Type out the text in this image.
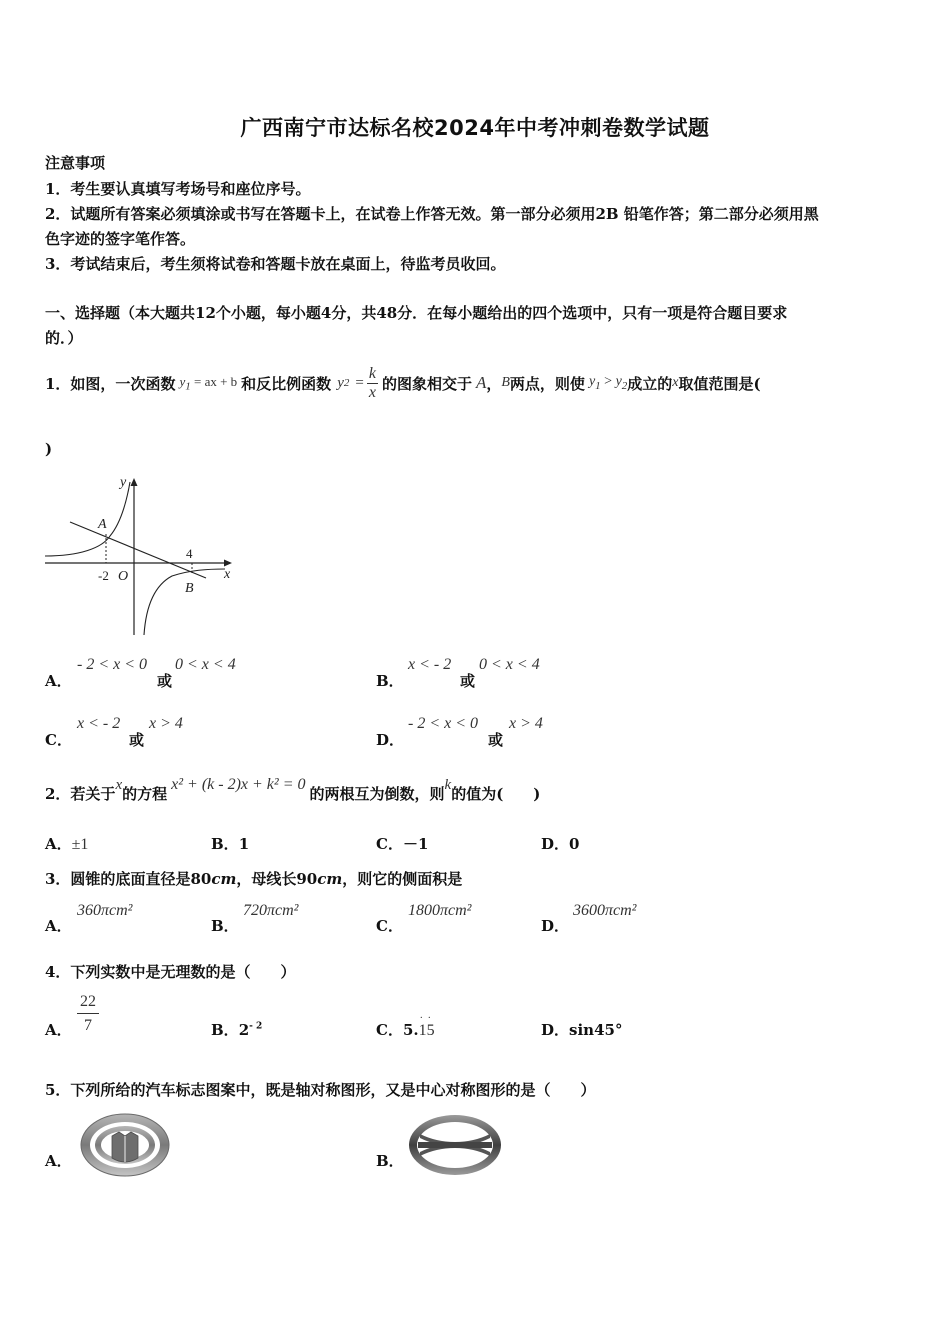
广西南宁市达标名校2024年中考冲刺卷数学试题
注意事项
1．考生要认真填写考场号和座位序号。
2．试题所有答案必须填涂或书写在答题卡上，在试卷上作答无效。第一部分必须用2B 铅笔作答；第二部分必须用黑
色字迹的签字笔作答。
3．考试结束后，考生须将试卷和答题卡放在桌面上，待监考员收回。
一、选择题（本大题共12个小题，每小题4分，共48分．在每小题给出的四个选项中，只有一项是符合题目要求
的．）
1．如图，一次函数 $y_1$ = ax + b 和反比例函数 y $2 = \frac{k}{x}$ 的图象相交于 A ， B 两点，则使 $y_1 > y_2$ 成立的 x 取值范围是(
)
y
x
A
B
-2 O
4
A．
- 2 < x < 0
或
0 < x < 4
B．
x < - 2
或
0 < x < 4
C．
x < - 2
或
x > 4
D．
- 2 < x < 0
或
x > 4
2．若关于 x 的方程 x² + (k - 2)x + k² = 0 的两根互为倒数，则 k 的值为(　　)
A．±1	B．1	C．－1	D．0
3．圆锥的底面直径是80cm，母线长90cm，则它的侧面积是
A．
360πcm²
B．
720πcm²
C．
1800πcm²
D．
3600πcm²
4．下列实数中是无理数的是（　　）
A． $\frac{22}{7}$	B．$2^{- 2}$	C．5.
· ·
15	D．sin45°
5．下列所给的汽车标志图案中，既是轴对称图形，又是中心对称图形的是（　　）
A．	B．
